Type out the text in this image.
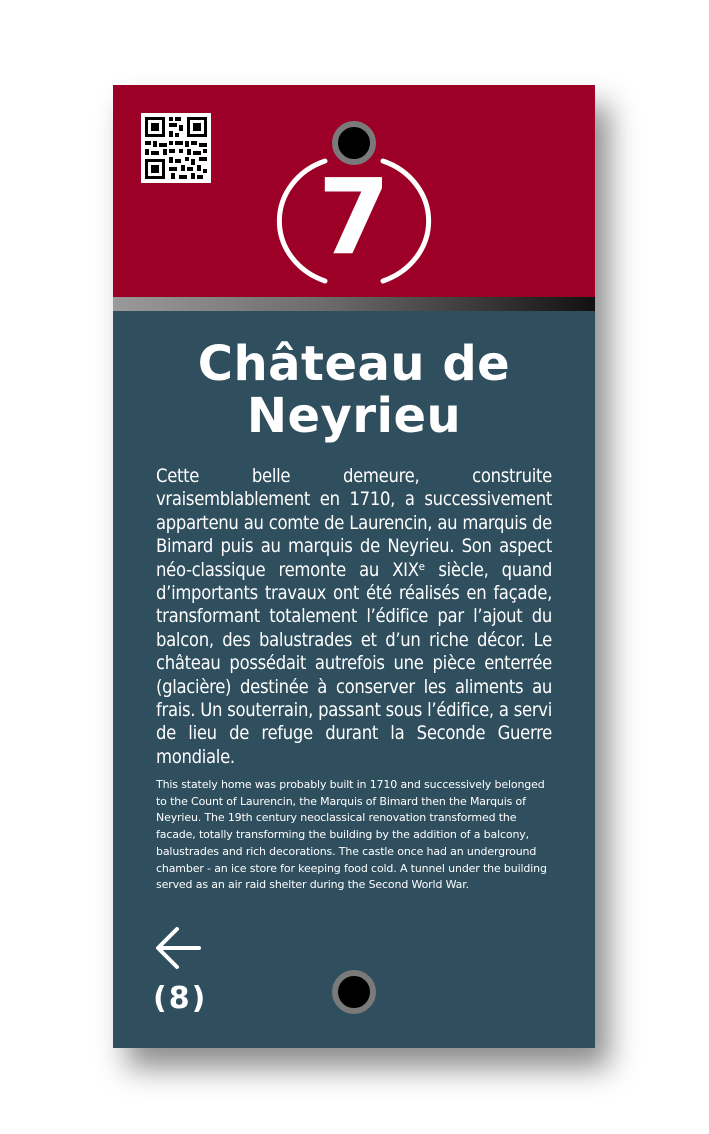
7
Château de Neyrieu
Cette belle demeure, construite vraisemblablement en 1710, a successivement appartenu au comte de Laurencin, au marquis de Bimard puis au marquis de Neyrieu. Son aspect néo-classique remonte au XIXᵉ siècle, quand d’importants travaux ont été réalisés en façade, transformant totalement l’édifice par l’ajout du balcon, des balustrades et d’un riche décor. Le château possédait autrefois une pièce enterrée (glacière) destinée à conserver les aliments au frais. Un souterrain, passant sous l’édifice, a servi de lieu de refuge durant la Seconde Guerre mondiale.
This stately home was probably built in 1710 and successively belonged to the Count of Laurencin, the Marquis of Bimard then the Marquis of Neyrieu. The 19th century neoclassical renovation transformed the facade, totally transforming the building by the addition of a balcony, balustrades and rich decorations. The castle once had an underground chamber - an ice store for keeping food cold. A tunnel under the building served as an air raid shelter during the Second World War.
(8)
